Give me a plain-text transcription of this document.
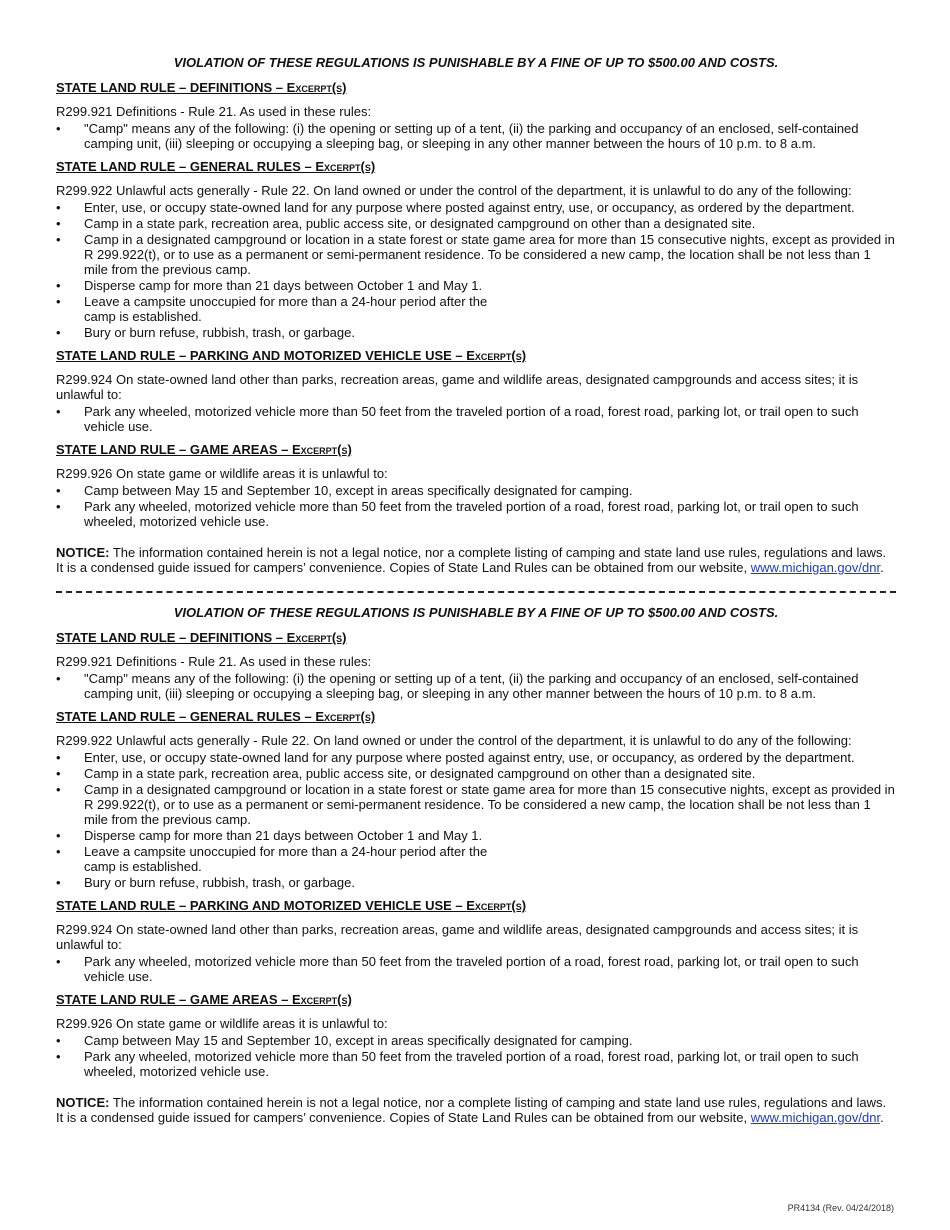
VIOLATION OF THESE REGULATIONS IS PUNISHABLE BY A FINE OF UP TO $500.00 AND COSTS.
STATE LAND RULE – DEFINITIONS – Excerpt(s)
R299.921 Definitions - Rule 21. As used in these rules:
•	"Camp" means any of the following: (i) the opening or setting up of a tent, (ii) the parking and occupancy of an enclosed, self-contained camping unit, (iii) sleeping or occupying a sleeping bag, or sleeping in any other manner between the hours of 10 p.m. to 8 a.m.
STATE LAND RULE – GENERAL RULES – Excerpt(s)
R299.922 Unlawful acts generally - Rule 22. On land owned or under the control of the department, it is unlawful to do any of the following:
•	Enter, use, or occupy state-owned land for any purpose where posted against entry, use, or occupancy, as ordered by the department.
•	Camp in a state park, recreation area, public access site, or designated campground on other than a designated site.
•	Camp in a designated campground or location in a state forest or state game area for more than 15 consecutive nights, except as provided in R 299.922(t), or to use as a permanent or semi-permanent residence. To be considered a new camp, the location shall be not less than 1 mile from the previous camp.
•	Disperse camp for more than 21 days between October 1 and May 1.
•	Leave a campsite unoccupied for more than a 24-hour period after the camp is established.
•	Bury or burn refuse, rubbish, trash, or garbage.
STATE LAND RULE – PARKING AND MOTORIZED VEHICLE USE – Excerpt(s)
R299.924 On state-owned land other than parks, recreation areas, game and wildlife areas, designated campgrounds and access sites; it is unlawful to:
•	Park any wheeled, motorized vehicle more than 50 feet from the traveled portion of a road, forest road, parking lot, or trail open to such vehicle use.
STATE LAND RULE – GAME AREAS – Excerpt(s)
R299.926 On state game or wildlife areas it is unlawful to:
•	Camp between May 15 and September 10, except in areas specifically designated for camping.
•	Park any wheeled, motorized vehicle more than 50 feet from the traveled portion of a road, forest road, parking lot, or trail open to such wheeled, motorized vehicle use.
NOTICE: The information contained herein is not a legal notice, nor a complete listing of camping and state land use rules, regulations and laws. It is a condensed guide issued for campers’ convenience. Copies of State Land Rules can be obtained from our website, www.michigan.gov/dnr.
VIOLATION OF THESE REGULATIONS IS PUNISHABLE BY A FINE OF UP TO $500.00 AND COSTS.
STATE LAND RULE – DEFINITIONS – Excerpt(s)
R299.921 Definitions - Rule 21. As used in these rules:
•	"Camp" means any of the following: (i) the opening or setting up of a tent, (ii) the parking and occupancy of an enclosed, self-contained camping unit, (iii) sleeping or occupying a sleeping bag, or sleeping in any other manner between the hours of 10 p.m. to 8 a.m.
STATE LAND RULE – GENERAL RULES – Excerpt(s)
R299.922 Unlawful acts generally - Rule 22. On land owned or under the control of the department, it is unlawful to do any of the following:
•	Enter, use, or occupy state-owned land for any purpose where posted against entry, use, or occupancy, as ordered by the department.
•	Camp in a state park, recreation area, public access site, or designated campground on other than a designated site.
•	Camp in a designated campground or location in a state forest or state game area for more than 15 consecutive nights, except as provided in R 299.922(t), or to use as a permanent or semi-permanent residence. To be considered a new camp, the location shall be not less than 1 mile from the previous camp.
•	Disperse camp for more than 21 days between October 1 and May 1.
•	Leave a campsite unoccupied for more than a 24-hour period after the camp is established.
•	Bury or burn refuse, rubbish, trash, or garbage.
STATE LAND RULE – PARKING AND MOTORIZED VEHICLE USE – Excerpt(s)
R299.924 On state-owned land other than parks, recreation areas, game and wildlife areas, designated campgrounds and access sites; it is unlawful to:
•	Park any wheeled, motorized vehicle more than 50 feet from the traveled portion of a road, forest road, parking lot, or trail open to such vehicle use.
STATE LAND RULE – GAME AREAS – Excerpt(s)
R299.926 On state game or wildlife areas it is unlawful to:
•	Camp between May 15 and September 10, except in areas specifically designated for camping.
•	Park any wheeled, motorized vehicle more than 50 feet from the traveled portion of a road, forest road, parking lot, or trail open to such wheeled, motorized vehicle use.
NOTICE: The information contained herein is not a legal notice, nor a complete listing of camping and state land use rules, regulations and laws. It is a condensed guide issued for campers’ convenience. Copies of State Land Rules can be obtained from our website, www.michigan.gov/dnr.
PR4134 (Rev. 04/24/2018)
